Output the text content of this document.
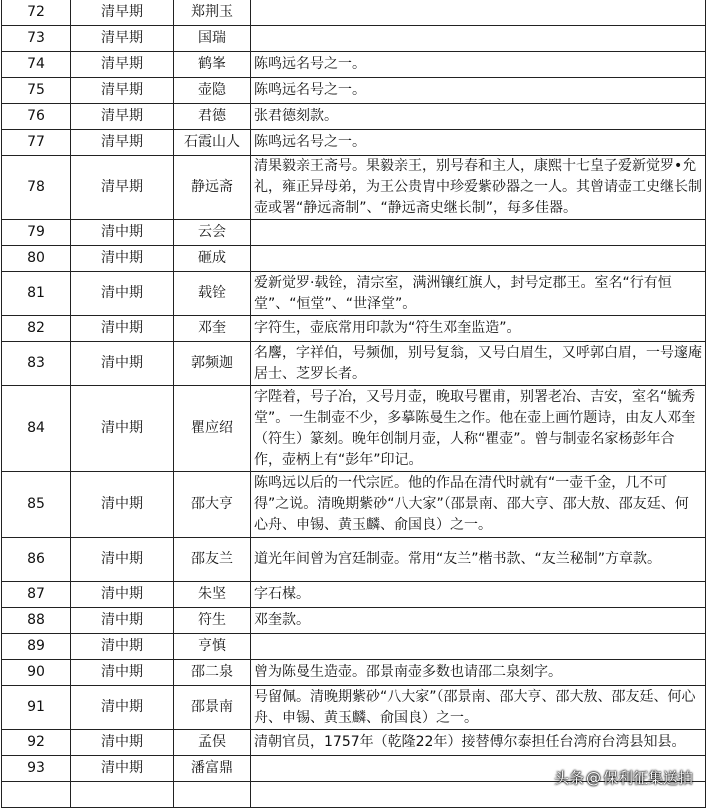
72	清早期	郑荆玉	
73	清早期	国瑞	
74	清早期	鹤峯	陈鸣远名号之一。
75	清早期	壶隐	陈鸣远名号之一。
76	清早期	君德	张君德刻款。
77	清早期	石霞山人	陈鸣远名号之一。
78	清早期	静远斋	清果毅亲王斋号。果毅亲王，别号春和主人，康熙十七皇子爱新觉罗•允礼，雍正异母弟，为王公贵胄中珍爱紫砂器之一人。其曾请壶工史继长制壶或署“静远斋制”、“静远斋史继长制”，每多佳器。
79	清中期	云会	
80	清中期	砸成	
81	清中期	载铨	爱新觉罗·载铨，清宗室，满洲镶红旗人，封号定郡王。室名“行有恒堂”、“恒堂”、“世泽堂”。
82	清中期	邓奎	字符生，壶底常用印款为“符生邓奎监造”。
83	清中期	郭频迦	名麐，字祥伯，号频伽，别号复翁，又号白眉生，又呼郭白眉，一号邃庵居士、芝罗长者。
84	清中期	瞿应绍	字陛着，号子冶，又号月壶，晚取号瞿甫，别署老冶、吉安，室名“毓秀堂”。一生制壶不少，多摹陈曼生之作。他在壶上画竹题诗，由友人邓奎（符生）篆刻。晚年创制月壶，人称“瞿壶”。曾与制壶名家杨彭年合作，壶柄上有“彭年”印记。
85	清中期	邵大亨	陈鸣远以后的一代宗匠。他的作品在清代时就有“一壶千金，几不可得”之说。清晚期紫砂“八大家”（邵景南、邵大亨、邵大敖、邵友廷、何心舟、申锡、黄玉麟、俞国良）之一。
86	清中期	邵友兰	道光年间曾为宫廷制壶。常用“友兰”楷书款、“友兰秘制”方章款。
87	清中期	朱坚	字石楳。
88	清中期	符生	邓奎款。
89	清中期	亨慎	
90	清中期	邵二泉	曾为陈曼生造壶。邵景南壶多数也请邵二泉刻字。
91	清中期	邵景南	号留佩。清晚期紫砂“八大家”（邵景南、邵大亨、邵大敖、邵友廷、何心舟、申锡、黄玉麟、俞国良）之一。
92	清中期	孟俣	清朝官员，1757年（乾隆22年）接替傅尔泰担任台湾府台湾县知县。
93	清中期	潘富鼎	

头条 @ 保利征集送拍
